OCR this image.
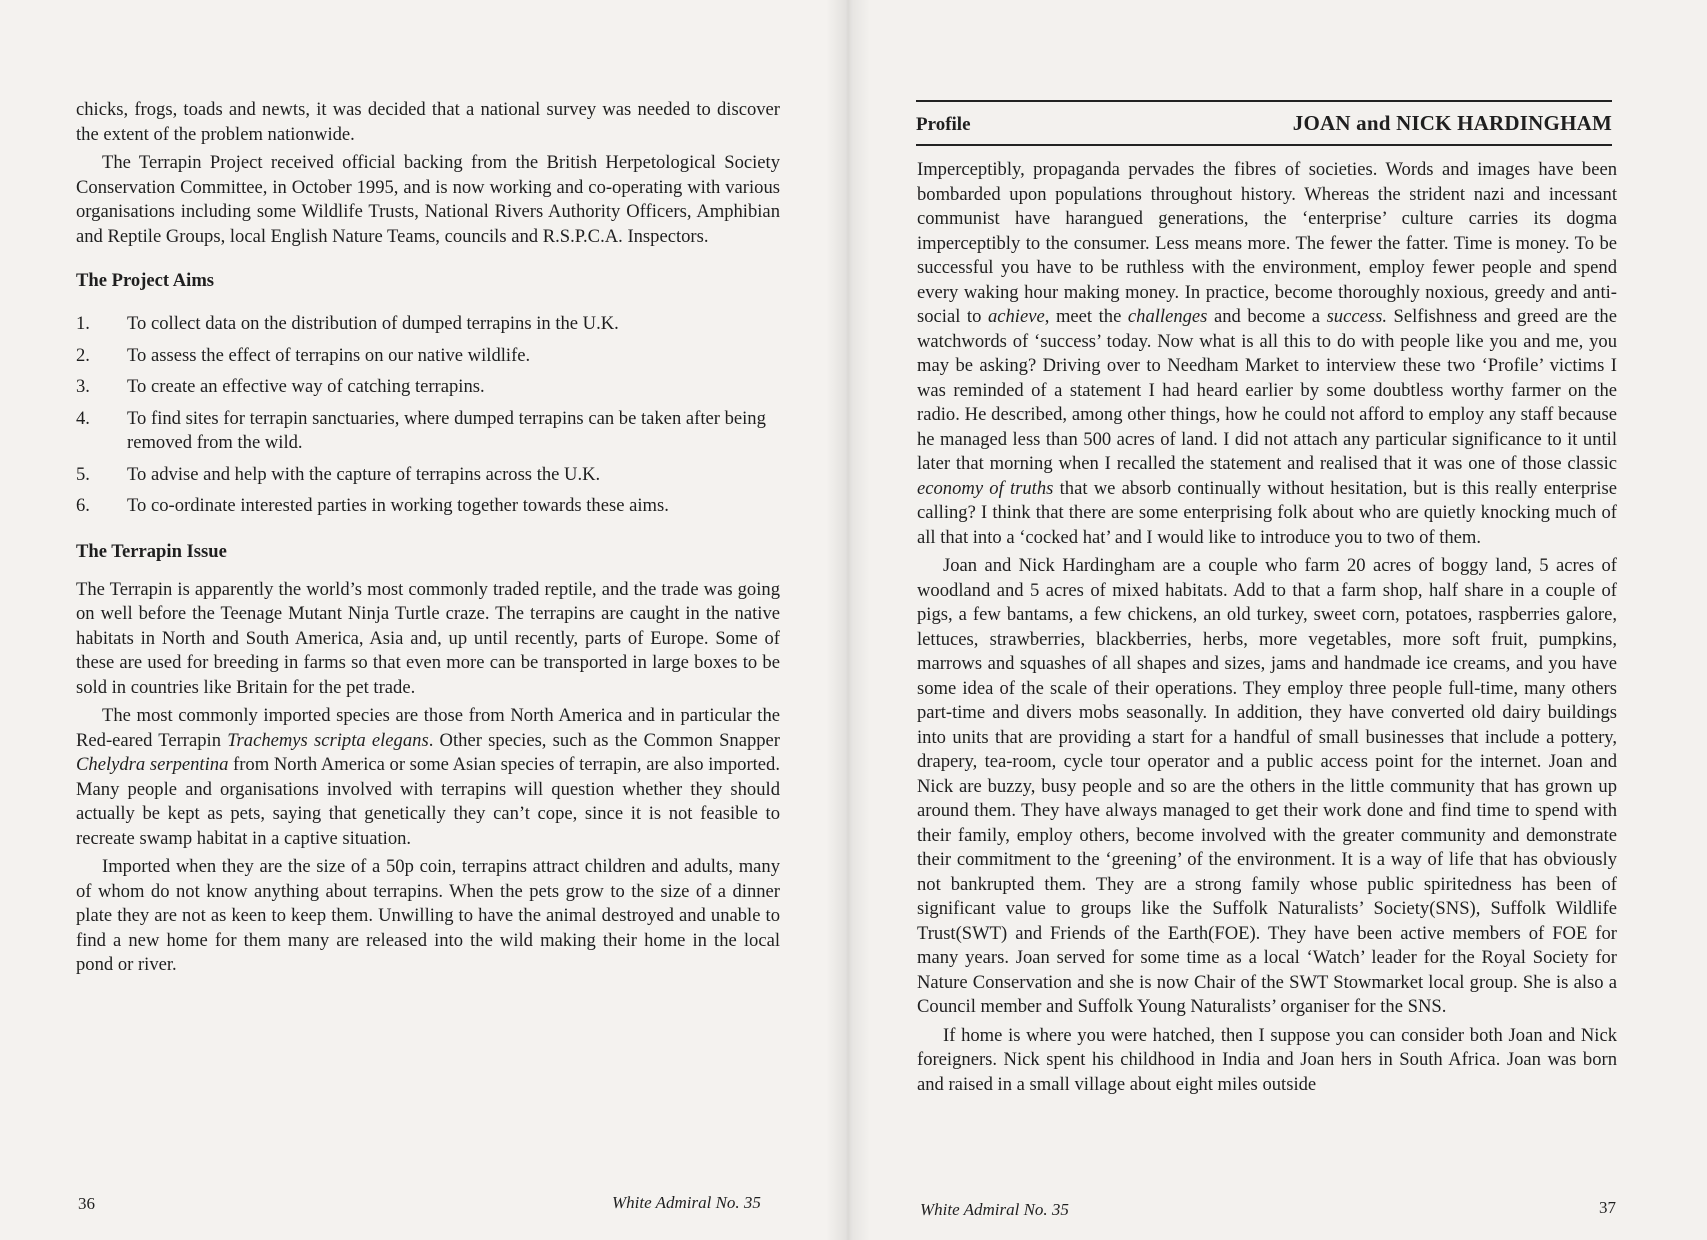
chicks, frogs, toads and newts, it was decided that a national survey was needed to discover the extent of the problem nationwide.

The Terrapin Project received official backing from the British Herpetological Society Conservation Committee, in October 1995, and is now working and co-operating with various organisations including some Wildlife Trusts, National Rivers Authority Officers, Amphibian and Reptile Groups, local English Nature Teams, councils and R.S.P.C.A. Inspectors.

The Project Aims
1. To collect data on the distribution of dumped terrapins in the U.K.
2. To assess the effect of terrapins on our native wildlife.
3. To create an effective way of catching terrapins.
4. To find sites for terrapin sanctuaries, where dumped terrapins can be taken after being removed from the wild.
5. To advise and help with the capture of terrapins across the U.K.
6. To co-ordinate interested parties in working together towards these aims.
The Terrapin Issue

The Terrapin is apparently the world’s most commonly traded reptile, and the trade was going on well before the Teenage Mutant Ninja Turtle craze. The terrapins are caught in the native habitats in North and South America, Asia and, up until recently, parts of Europe. Some of these are used for breeding in farms so that even more can be transported in large boxes to be sold in countries like Britain for the pet trade.

The most commonly imported species are those from North America and in particular the Red-eared Terrapin Trachemys scripta elegans. Other species, such as the Common Snapper Chelydra serpentina from North America or some Asian species of terrapin, are also imported. Many people and organisations involved with terrapins will question whether they should actually be kept as pets, saying that genetically they can’t cope, since it is not feasible to recreate swamp habitat in a captive situation.

Imported when they are the size of a 50p coin, terrapins attract children and adults, many of whom do not know anything about terrapins. When the pets grow to the size of a dinner plate they are not as keen to keep them. Unwilling to have the animal destroyed and unable to find a new home for them many are released into the wild making their home in the local pond or river.

36	White Admiral No. 35
Profile	JOAN and NICK HARDINGHAM

Imperceptibly, propaganda pervades the fibres of societies. Words and images have been bombarded upon populations throughout history. Whereas the strident nazi and incessant communist have harangued generations, the ‘enterprise’ culture carries its dogma imperceptibly to the consumer. Less means more. The fewer the fatter. Time is money. To be successful you have to be ruthless with the environment, employ fewer people and spend every waking hour making money. In practice, become thoroughly noxious, greedy and anti-social to achieve, meet the challenges and become a success. Selfishness and greed are the watchwords of ‘success’ today. Now what is all this to do with people like you and me, you may be asking? Driving over to Needham Market to interview these two ‘Profile’ victims I was reminded of a statement I had heard earlier by some doubtless worthy farmer on the radio. He described, among other things, how he could not afford to employ any staff because he managed less than 500 acres of land. I did not attach any particular significance to it until later that morning when I recalled the statement and realised that it was one of those classic economy of truths that we absorb continually without hesitation, but is this really enterprise calling? I think that there are some enterprising folk about who are quietly knocking much of all that into a ‘cocked hat’ and I would like to introduce you to two of them.

Joan and Nick Hardingham are a couple who farm 20 acres of boggy land, 5 acres of woodland and 5 acres of mixed habitats. Add to that a farm shop, half share in a couple of pigs, a few bantams, a few chickens, an old turkey, sweet corn, potatoes, raspberries galore, lettuces, strawberries, blackberries, herbs, more vegetables, more soft fruit, pumpkins, marrows and squashes of all shapes and sizes, jams and handmade ice creams, and you have some idea of the scale of their operations. They employ three people full-time, many others part-time and divers mobs seasonally. In addition, they have converted old dairy buildings into units that are providing a start for a handful of small businesses that include a pottery, drapery, tea-room, cycle tour operator and a public access point for the internet. Joan and Nick are buzzy, busy people and so are the others in the little community that has grown up around them. They have always managed to get their work done and find time to spend with their family, employ others, become involved with the greater community and demonstrate their commitment to the ‘greening’ of the environment. It is a way of life that has obviously not bankrupted them. They are a strong family whose public spiritedness has been of significant value to groups like the Suffolk Naturalists’ Society(SNS), Suffolk Wildlife Trust(SWT) and Friends of the Earth(FOE). They have been active members of FOE for many years. Joan served for some time as a local ‘Watch’ leader for the Royal Society for Nature Conservation and she is now Chair of the SWT Stowmarket local group. She is also a Council member and Suffolk Young Naturalists’ organiser for the SNS.

If home is where you were hatched, then I suppose you can consider both Joan and Nick foreigners. Nick spent his childhood in India and Joan hers in South Africa. Joan was born and raised in a small village about eight miles outside

White Admiral No. 35	37
